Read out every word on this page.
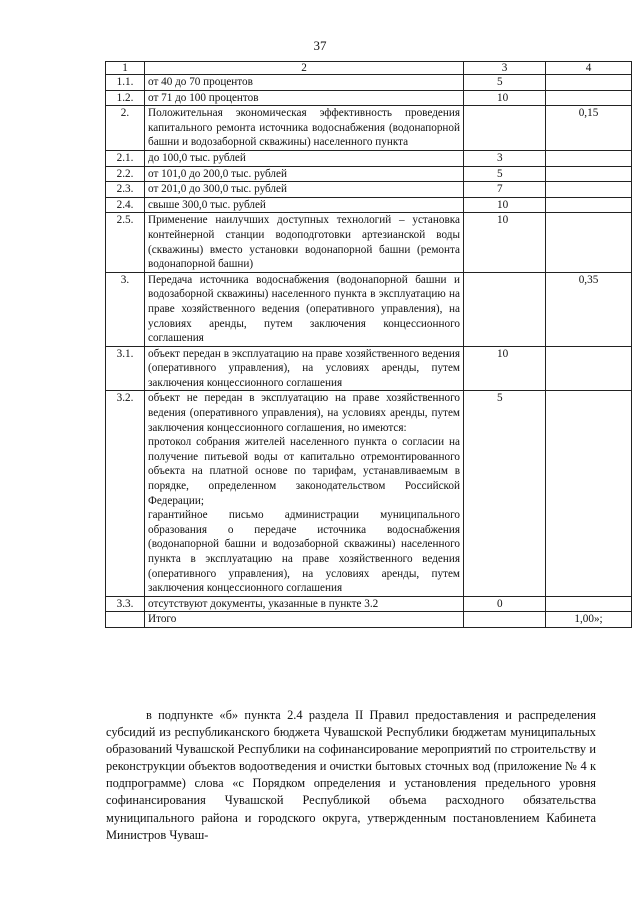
37
1	2	3	4
1.1.	от 40 до 70 процентов	5	
1.2.	от 71 до 100 процентов	10	
2.	Положительная экономическая эффективность проведения капитального ремонта источника водоснабжения (водонапорной башни и водозаборной скважины) населенного пункта		0,15
2.1.	до 100,0 тыс. рублей	3	
2.2.	от 101,0 до 200,0 тыс. рублей	5	
2.3.	от 201,0 до 300,0 тыс. рублей	7	
2.4.	свыше 300,0 тыс. рублей	10	
2.5.	Применение наилучших доступных технологий – установка контейнерной станции водоподготовки артезианской воды (скважины) вместо установки водонапорной башни (ремонта водонапорной башни)	10	
3.	Передача источника водоснабжения (водонапорной башни и водозаборной скважины) населенного пункта в эксплуатацию на праве хозяйственного ведения (оперативного управления), на условиях аренды, путем заключения концессионного соглашения		0,35
3.1.	объект передан в эксплуатацию на праве хозяйственного ведения (оперативного управления), на условиях аренды, путем заключения концессионного соглашения	10	
3.2.	объект не передан в эксплуатацию на праве хозяйственного ведения (оперативного управления), на условиях аренды, путем заключения концессионного соглашения, но имеются:
протокол собрания жителей населенного пункта о согласии на получение питьевой воды от капитально отремонтированного объекта на платной основе по тарифам, устанавливаемым в порядке, определенном законодательством Российской Федерации;
гарантийное письмо администрации муниципального образования о передаче источника водоснабжения (водонапорной башни и водозаборной скважины) населенного пункта в эксплуатацию на праве хозяйственного ведения (оперативного управления), на условиях аренды, путем заключения концессионного соглашения	5	
3.3.	отсутствуют документы, указанные в пункте 3.2	0	
	Итого		1,00»;
в подпункте «б» пункта 2.4 раздела II Правил предоставления и распределения субсидий из республиканского бюджета Чувашской Республики бюджетам муниципальных образований Чувашской Республики на софинансирование мероприятий по строительству и реконструкции объектов водоотведения и очистки бытовых сточных вод (приложение № 4 к подпрограмме) слова «с Порядком определения и установления предельного уровня софинансирования Чувашской Республикой объема расходного обязательства муниципального района и городского округа, утвержденным постановлением Кабинета Министров Чуваш-
